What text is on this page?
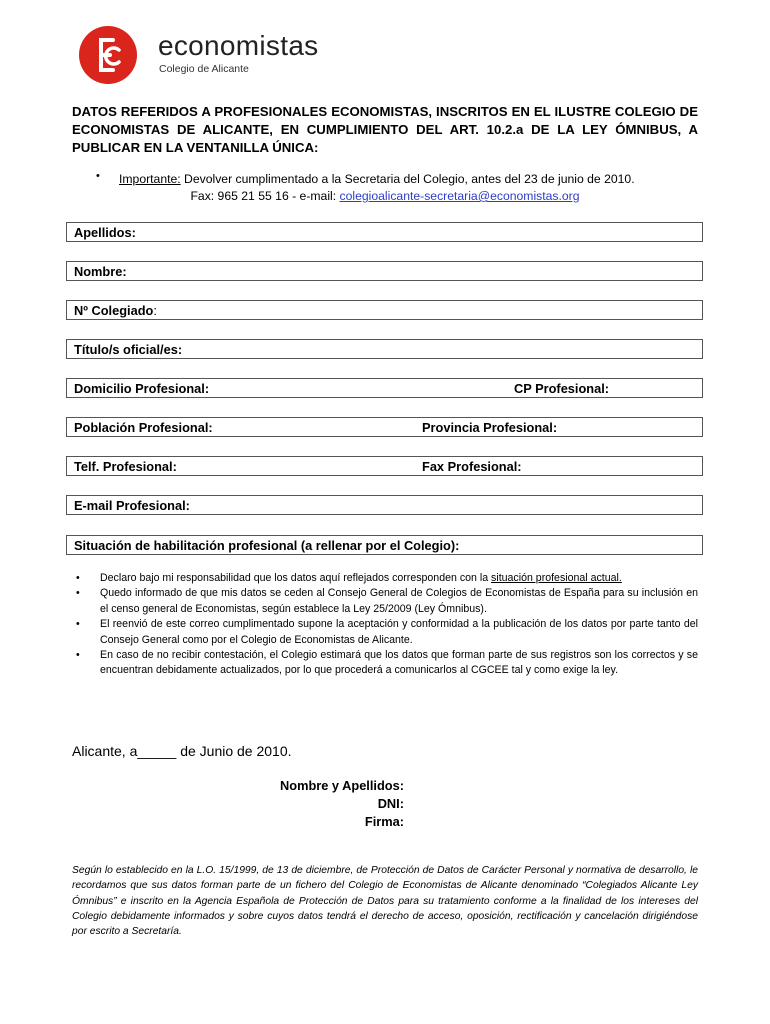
economistas
Colegio de Alicante
DATOS REFERIDOS A PROFESIONALES ECONOMISTAS, INSCRITOS EN EL ILUSTRE COLEGIO DE ECONOMISTAS DE ALICANTE, EN CUMPLIMIENTO DEL ART. 10.2.a DE LA LEY ÓMNIBUS, A PUBLICAR EN LA VENTANILLA ÚNICA:
• Importante: Devolver cumplimentado a la Secretaria del Colegio, antes del 23 de junio de 2010.
Fax: 965 21 55 16 - e-mail: colegioalicante-secretaria@economistas.org
Apellidos:
Nombre:
Nº Colegiado:
Título/s oficial/es:
Domicilio Profesional:	CP Profesional:
Población Profesional:	Provincia Profesional:
Telf. Profesional:	Fax Profesional:
E-mail Profesional:
Situación de habilitación profesional (a rellenar por el Colegio):
• Declaro bajo mi responsabilidad que los datos aquí reflejados corresponden con la situación profesional actual.
• Quedo informado de que mis datos se ceden al Consejo General de Colegios de Economistas de España para su inclusión en el censo general de Economistas, según establece la Ley 25/2009 (Ley Ómnibus).
• El reenvió de este correo cumplimentado supone la aceptación y conformidad a la publicación de los datos por parte tanto del Consejo General como por el Colegio de Economistas de Alicante.
• En caso de no recibir contestación, el Colegio estimará que los datos que forman parte de sus registros son los correctos y se encuentran debidamente actualizados, por lo que procederá a comunicarlos al CGCEE tal y como exige la ley.
Alicante, a_____ de Junio de 2010.
Nombre y Apellidos:
DNI:
Firma:
Según lo establecido en la L.O. 15/1999, de 13 de diciembre, de Protección de Datos de Carácter Personal y normativa de desarrollo, le recordamos que sus datos forman parte de un fichero del Colegio de Economistas de Alicante denominado “Colegiados Alicante Ley Ómnibus” e inscrito en la Agencia Española de Protección de Datos para su tratamiento conforme a la finalidad de los intereses del Colegio debidamente informados y sobre cuyos datos tendrá el derecho de acceso, oposición, rectificación y cancelación dirigiéndose por escrito a Secretaría.
